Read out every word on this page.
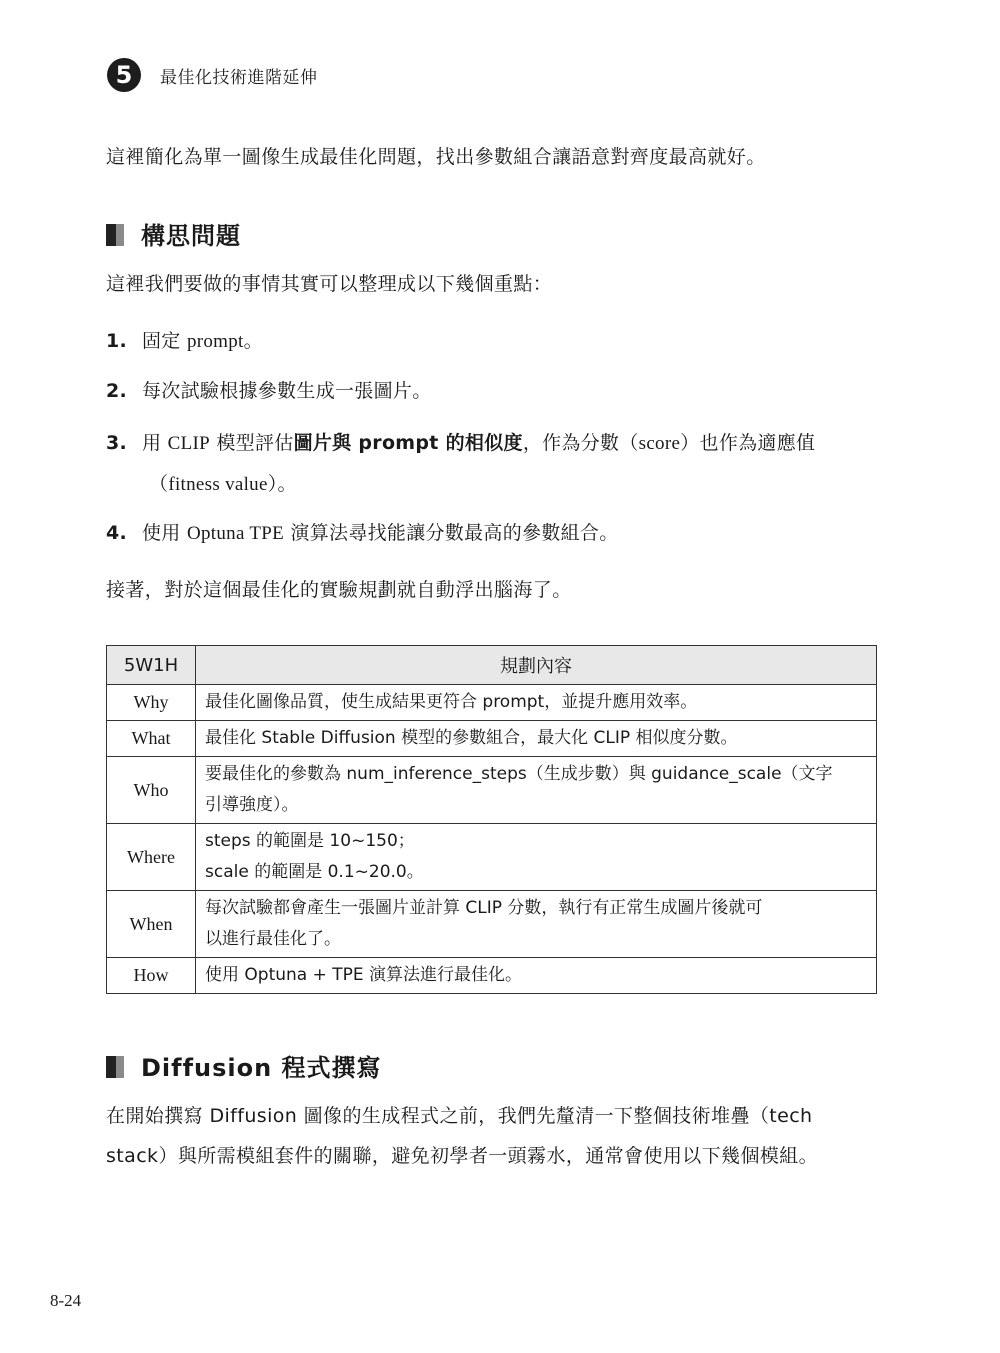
5	最佳化技術進階延伸
這裡簡化為單一圖像生成最佳化問題，找出參數組合讓語意對齊度最高就好。
構思問題
這裡我們要做的事情其實可以整理成以下幾個重點：
1. 固定 prompt。
2. 每次試驗根據參數生成一張圖片。
3. 用 CLIP 模型評估圖片與 prompt 的相似度，作為分數（score）也作為適應值
（fitness value）。
4. 使用 Optuna TPE 演算法尋找能讓分數最高的參數組合。
接著，對於這個最佳化的實驗規劃就自動浮出腦海了。
5W1H	規劃內容
Why	最佳化圖像品質，使生成結果更符合 prompt，並提升應用效率。

What	最佳化 Stable Diffusion 模型的參數組合，最大化 CLIP 相似度分數。

Who	要最佳化的參數為 num_inference_steps（生成步數）與 guidance_scale（文字
引導強度）。

Where	steps 的範圍是 10~150；
scale 的範圍是 0.1~20.0。

When	每次試驗都會產生一張圖片並計算 CLIP 分數，執行有正常生成圖片後就可
以進行最佳化了。

How	使用 Optuna + TPE 演算法進行最佳化。
Diffusion 程式撰寫
在開始撰寫 Diffusion 圖像的生成程式之前，我們先釐清一下整個技術堆疊（tech
stack）與所需模組套件的關聯，避免初學者一頭霧水，通常會使用以下幾個模組。
8-24
